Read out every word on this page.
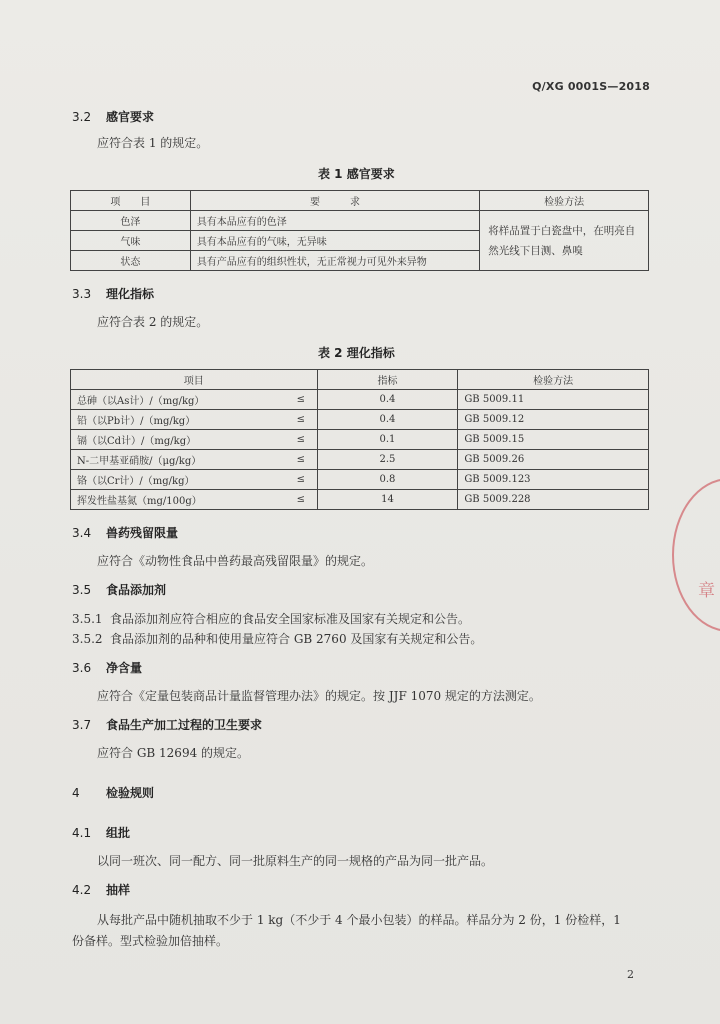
Q/XG 0001S—2018
3.2 感官要求
应符合表 1 的规定。
表 1 感官要求
项　　目	要　　　求	检验方法
色泽	具有本品应有的色泽	将样品置于白瓷盘中，在明亮自然光线下目测、鼻嗅
气味	具有本品应有的气味，无异味	
状态	具有产品应有的组织性状，无正常视力可见外来异物	
3.3 理化指标
应符合表 2 的规定。
表 2 理化指标
项目		指标	检验方法
总砷（以As计）/（mg/kg）	≤	0.4	GB 5009.11
铅（以Pb计）/（mg/kg）	≤	0.4	GB 5009.12
镉（以Cd计）/（mg/kg）	≤	0.1	GB 5009.15
N-二甲基亚硝胺/（μg/kg）	≤	2.5	GB 5009.26
铬（以Cr计）/（mg/kg）	≤	0.8	GB 5009.123
挥发性盐基氮（mg/100g）	≤	14	GB 5009.228
3.4 兽药残留限量
应符合《动物性食品中兽药最高残留限量》的规定。
3.5 食品添加剂
3.5.1 食品添加剂应符合相应的食品安全国家标准及国家有关规定和公告。
3.5.2 食品添加剂的品种和使用量应符合 GB 2760 及国家有关规定和公告。
3.6 净含量
应符合《定量包装商品计量监督管理办法》的规定。按 JJF 1070 规定的方法测定。
3.7 食品生产加工过程的卫生要求
应符合 GB 12694 的规定。
4 检验规则
4.1 组批
以同一班次、同一配方、同一批原料生产的同一规格的产品为同一批产品。
4.2 抽样
从每批产品中随机抽取不少于 1 kg（不少于 4 个最小包装）的样品。样品分为 2 份，1 份检样，1
份备样。型式检验加倍抽样。
2
章
